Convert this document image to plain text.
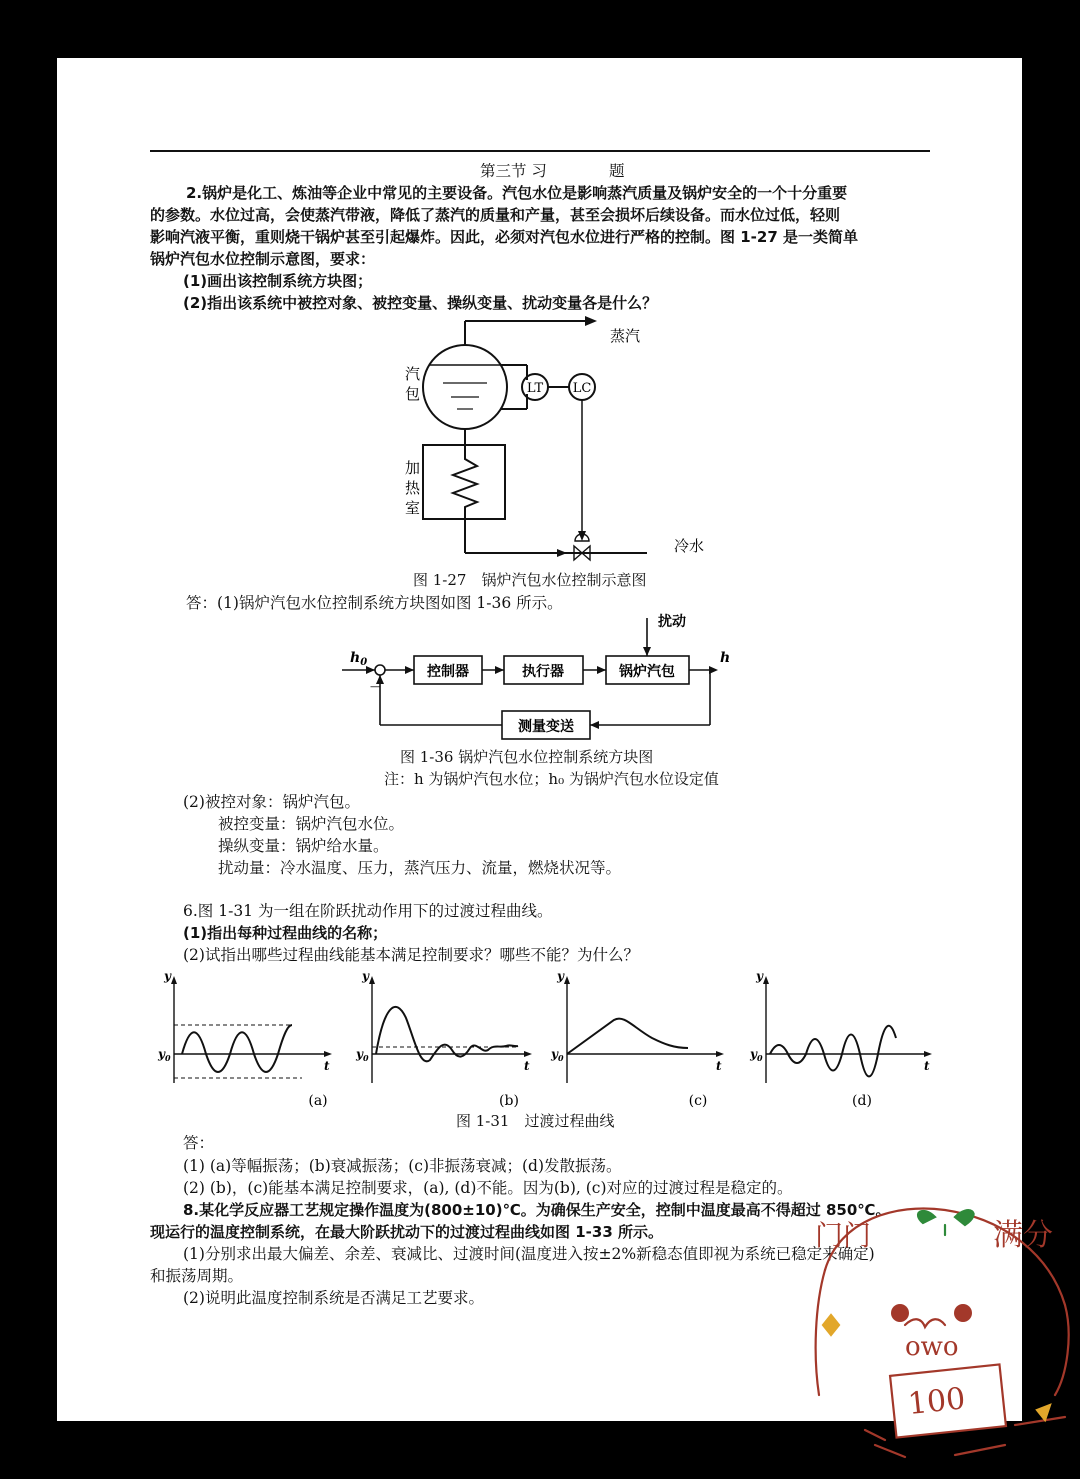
第三节 习	题
2.锅炉是化工、炼油等企业中常见的主要设备。汽包水位是影响蒸汽质量及锅炉安全的一个十分重要
的参数。水位过高，会使蒸汽带液，降低了蒸汽的质量和产量，甚至会损坏后续设备。而水位过低，轻则
影响汽液平衡，重则烧干锅炉甚至引起爆炸。因此，必须对汽包水位进行严格的控制。图 1-27 是一类简单
锅炉汽包水位控制示意图，要求：
(1)画出该控制系统方块图；
(2)指出该系统中被控对象、被控变量、操纵变量、扰动变量各是什么？
蒸汽
汽
包	LT LC
加
热
室
冷水
图 1-27　锅炉汽包水位控制示意图
答：(1)锅炉汽包水位控制系统方块图如图 1-36 所示。
扰动
$h_0$	h
—
控制器	执行器	锅炉汽包
测量变送
图 1-36 锅炉汽包水位控制系统方块图
注：h 为锅炉汽包水位；h₀ 为锅炉汽包水位设定值
(2)被控对象：锅炉汽包。
被控变量：锅炉汽包水位。
操纵变量：锅炉给水量。
扰动量：冷水温度、压力，蒸汽压力、流量，燃烧状况等。
6.图 1-31 为一组在阶跃扰动作用下的过渡过程曲线。
(1)指出每种过程曲线的名称；
(2)试指出哪些过程曲线能基本满足控制要求？哪些不能？为什么？
y
$y_0$
t
y
$y_0$
t
y
$y_0$
t
y
$y_0$
t
(a)	(b)	(c)	(d)
图 1-31　过渡过程曲线
答：
(1) (a)等幅振荡；(b)衰减振荡；(c)非振荡衰减；(d)发散振荡。
(2) (b)，(c)能基本满足控制要求，(a), (d)不能。因为(b), (c)对应的过渡过程是稳定的。
8.某化学反应器工艺规定操作温度为(800±10)℃。为确保生产安全，控制中温度最高不得超过 850℃。
现运行的温度控制系统，在最大阶跃扰动下的过渡过程曲线如图 1-33 所示。
(1)分别求出最大偏差、余差、衰减比、过渡时间(温度进入按±2%新稳态值即视为系统已稳定来确定)
和振荡周期。
(2)说明此温度控制系统是否满足工艺要求。
门门	满分
owo
100
